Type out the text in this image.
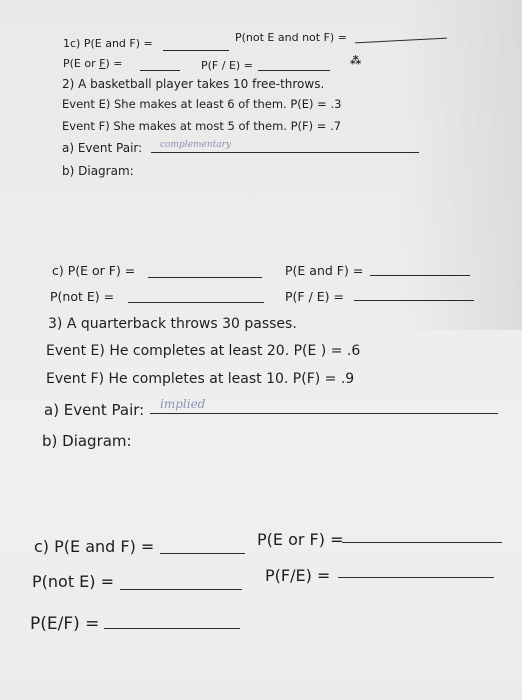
1c) P(E and F) =	P(not E and not F) =
P(E or F) =	P(F / E) =	⁂
2) A basketball player takes 10 free-throws.
Event E) She makes at least 6 of them. P(E) = .3
Event F) She makes at most 5 of them. P(F) = .7
a) Event Pair: complementary
b) Diagram:
c) P(E or F) =	P(E and F) =
P(not E) =	P(F / E) =
3) A quarterback throws 30 passes.
Event E) He completes at least 20. P(E ) = .6
Event F) He completes at least 10. P(F) = .9
a) Event Pair: implied
b) Diagram:
c) P(E and F) =	P(E or F) =
P(not E) =	P(F/E) =
P(E/F) =
